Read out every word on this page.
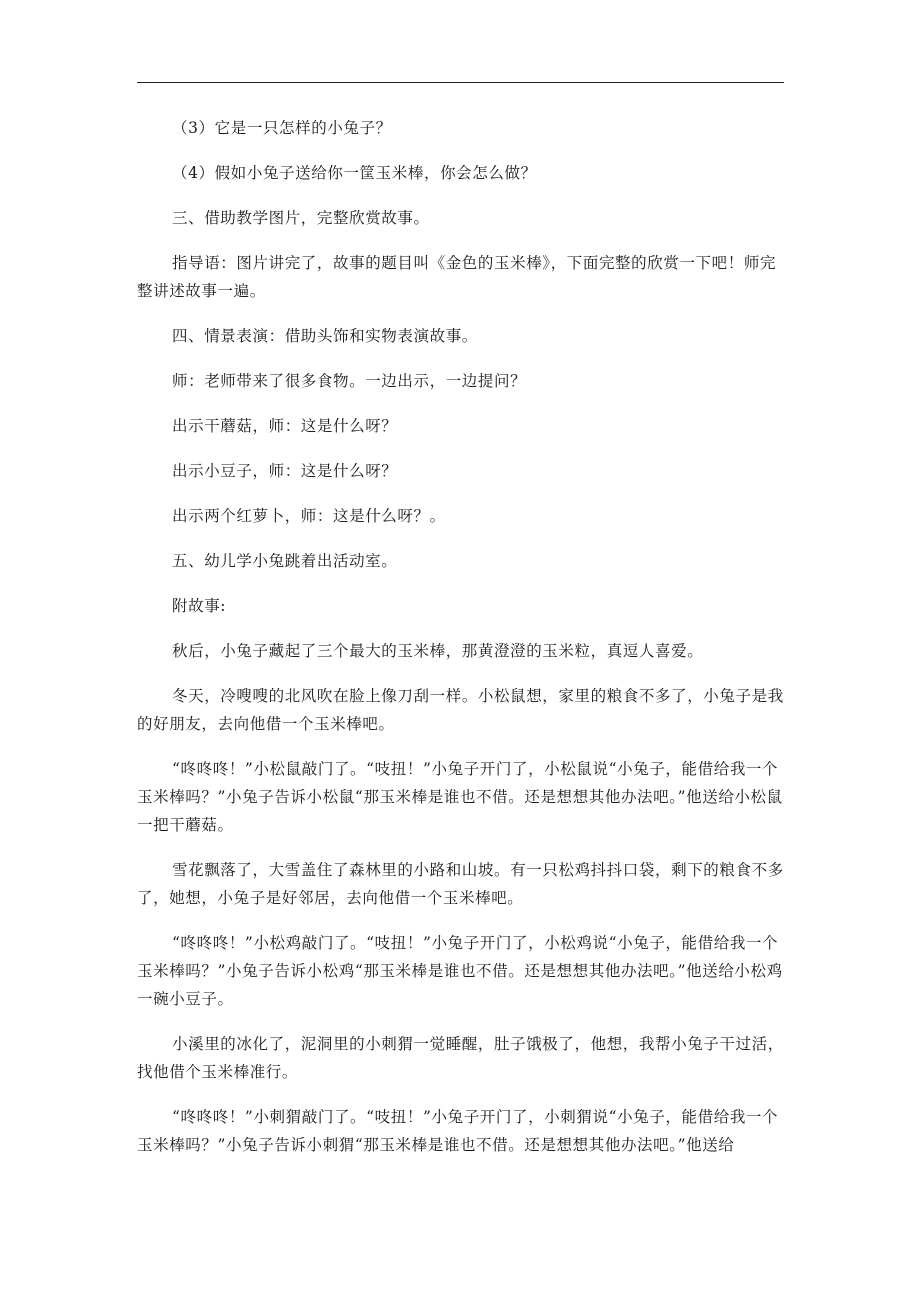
（3）它是一只怎样的小兔子？

（4）假如小兔子送给你一筐玉米棒，你会怎么做？

三、借助教学图片，完整欣赏故事。

指导语：图片讲完了，故事的题目叫《金色的玉米棒》，下面完整的欣赏一下吧！师完整讲述故事一遍。

四、情景表演：借助头饰和实物表演故事。

师：老师带来了很多食物。一边出示，一边提问？

出示干蘑菇，师：这是什么呀？

出示小豆子，师：这是什么呀？

出示两个红萝卜，师：这是什么呀？。

五、幼儿学小兔跳着出活动室。

附故事:

秋后，小兔子藏起了三个最大的玉米棒，那黄澄澄的玉米粒，真逗人喜爱。

冬天，冷嗖嗖的北风吹在脸上像刀刮一样。小松鼠想，家里的粮食不多了，小兔子是我的好朋友，去向他借一个玉米棒吧。

“咚咚咚！”小松鼠敲门了。“吱扭！”小兔子开门了，小松鼠说“小兔子，能借给我一个玉米棒吗？”小兔子告诉小松鼠“那玉米棒是谁也不借。还是想想其他办法吧。”他送给小松鼠一把干蘑菇。

雪花飘落了，大雪盖住了森林里的小路和山坡。有一只松鸡抖抖口袋，剩下的粮食不多了，她想，小兔子是好邻居，去向他借一个玉米棒吧。

“咚咚咚！”小松鸡敲门了。“吱扭！”小兔子开门了，小松鸡说“小兔子，能借给我一个玉米棒吗？”小兔子告诉小松鸡“那玉米棒是谁也不借。还是想想其他办法吧。”他送给小松鸡一碗小豆子。

小溪里的冰化了，泥洞里的小刺猬一觉睡醒，肚子饿极了，他想，我帮小兔子干过活，找他借个玉米棒准行。

“咚咚咚！”小刺猬敲门了。“吱扭！”小兔子开门了，小刺猬说“小兔子，能借给我一个玉米棒吗？”小兔子告诉小刺猬“那玉米棒是谁也不借。还是想想其他办法吧。”他送给
